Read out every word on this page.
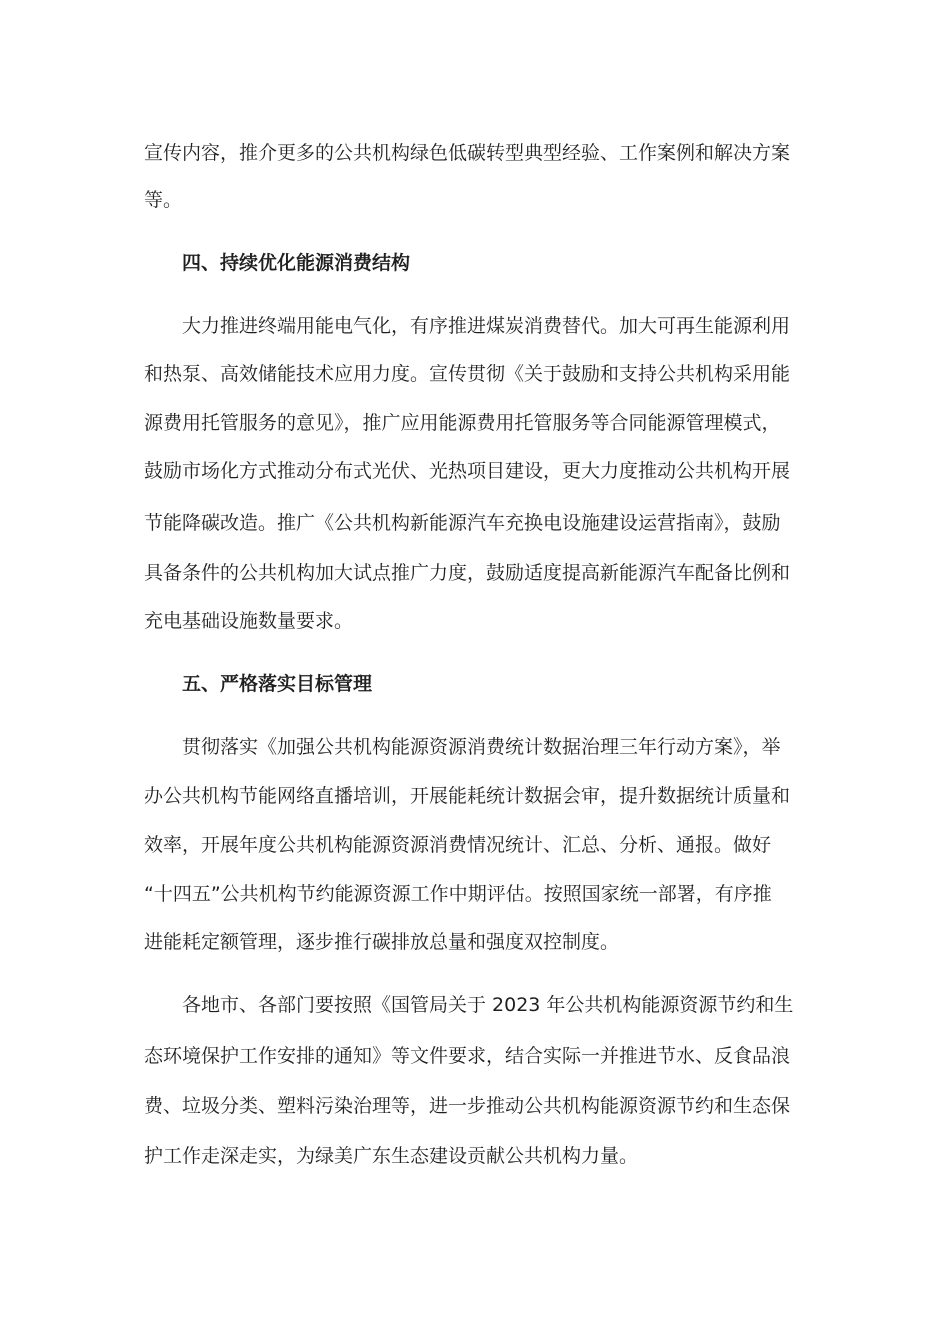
宣传内容，推介更多的公共机构绿色低碳转型典型经验、工作案例和解决方案
等。
四、持续优化能源消费结构
大力推进终端用能电气化，有序推进煤炭消费替代。加大可再生能源利用
和热泵、高效储能技术应用力度。宣传贯彻《关于鼓励和支持公共机构采用能
源费用托管服务的意见》，推广应用能源费用托管服务等合同能源管理模式，
鼓励市场化方式推动分布式光伏、光热项目建设，更大力度推动公共机构开展
节能降碳改造。推广《公共机构新能源汽车充换电设施建设运营指南》，鼓励
具备条件的公共机构加大试点推广力度，鼓励适度提高新能源汽车配备比例和
充电基础设施数量要求。
五、严格落实目标管理
贯彻落实《加强公共机构能源资源消费统计数据治理三年行动方案》，举
办公共机构节能网络直播培训，开展能耗统计数据会审，提升数据统计质量和
效率，开展年度公共机构能源资源消费情况统计、汇总、分析、通报。做好
“十四五”公共机构节约能源资源工作中期评估。按照国家统一部署，有序推
进能耗定额管理，逐步推行碳排放总量和强度双控制度。
各地市、各部门要按照《国管局关于 2023 年公共机构能源资源节约和生
态环境保护工作安排的通知》等文件要求，结合实际一并推进节水、反食品浪
费、垃圾分类、塑料污染治理等，进一步推动公共机构能源资源节约和生态保
护工作走深走实，为绿美广东生态建设贡献公共机构力量。
